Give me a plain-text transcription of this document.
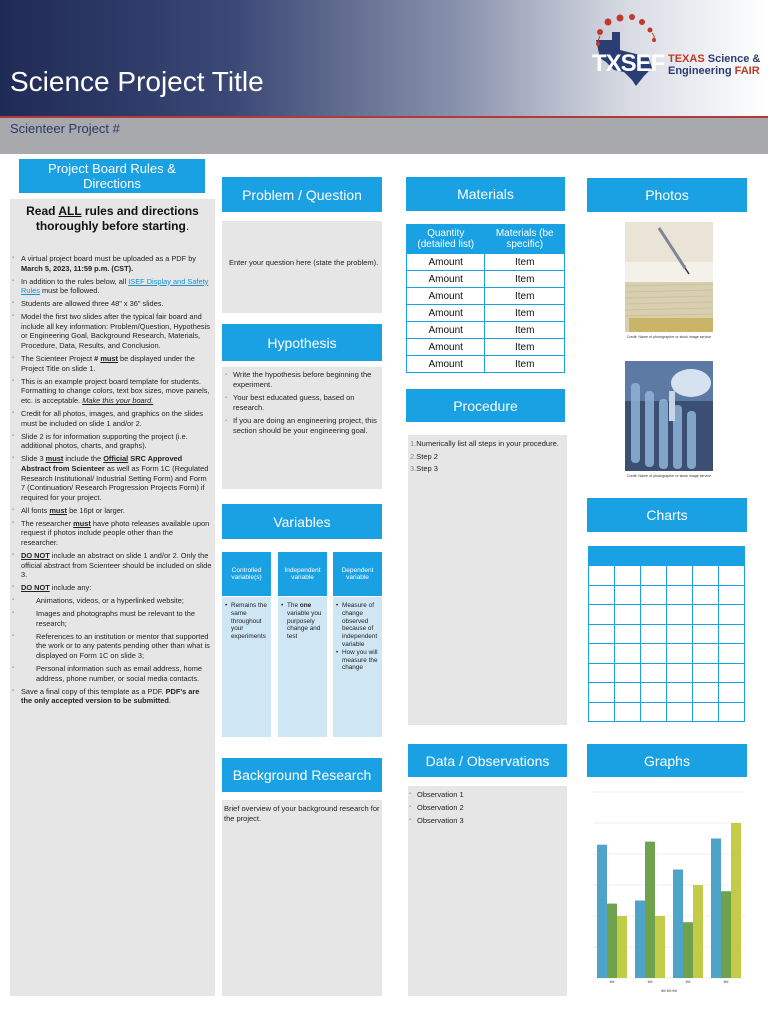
Science Project Title
Scienteer Project #
TXSEF TEXAS Science &
Engineering FAIR
Project Board Rules & Directions
Read ALL rules and directions thoroughly before starting.
▪ A virtual project board must be uploaded as a PDF by March 5, 2023, 11:59 p.m. (CST).
▪ In addition to the rules below, all ISEF Display and Safety Rules must be followed.
▪ Students are allowed three 48" x 36" slides.
▪ Model the first two slides after the typical fair board and include all key information: Problem/Question, Hypothesis or Engineering Goal, Background Research, Materials, Procedure, Data, Results, and Conclusion.
▪ The Scienteer Project # must be displayed under the Project Title on slide 1.
▪ This is an example project board template for students. Formatting to change colors, text box sizes, move panels, etc. is acceptable. Make this your board.
▪ Credit for all photos, images, and graphics on the slides must be included on slide 1 and/or 2.
▪ Slide 2 is for information supporting the project (i.e. additional photos, charts, and graphs).
▪ Slide 3 must include the Official SRC Approved Abstract from Scienteer as well as Form 1C (Regulated Research Institutional/ Industrial Setting Form) and Form 7 (Continuation/ Research Progression Projects Form) if required for your project.
▪ All fonts must be 16pt or larger.
▪ The researcher must have photo releases available upon request if photos include people other than the researcher.
▪ DO NOT include an abstract on slide 1 and/or 2. Only the official abstract from Scienteer should be included on slide 3.
▪ DO NOT include any:
▪ Animations, videos, or a hyperlinked website;
▪ Images and photographs must be relevant to the research;
▪ References to an institution or mentor that supported the work or to any patents pending other than what is displayed on Form 1C on slide 3;
▪ Personal information such as email address, home address, phone number, or social media contacts.
▪ Save a final copy of this template as a PDF. PDF's are the only accepted version to be submitted.
Problem / Question
Enter your question here (state the problem).
Hypothesis
▪ Write the hypothesis before beginning the experiment.
▪ Your best educated guess, based on research.
▪ If you are doing an engineering project, this section should be your engineering goal.
Variables
Controlled variable(s)
Independent variable
Dependent variable
• Remains the same throughout your experiments
• The one variable you purposely change and test
• Measure of change observed because of independent variable
• How you will measure the change
Background Research
Brief overview of your background research for the project.
Materials
Quantity (detailed list)	Materials (be specific)
Amount	Item
Amount	Item
Amount	Item
Amount	Item
Amount	Item
Amount	Item
Amount	Item
Procedure
1.Numerically list all steps in your procedure.
2.Step 2
3.Step 3
Data / Observations
▪ Observation 1
▪ Observation 2
▪ Observation 3
Photos
Credit: Name of photographer or stock image service
Credit: Name of photographer or stock image service
Charts

Graphs
ttttt	ttttt	ttttt	ttttt
ttttt ttttt ttttt
